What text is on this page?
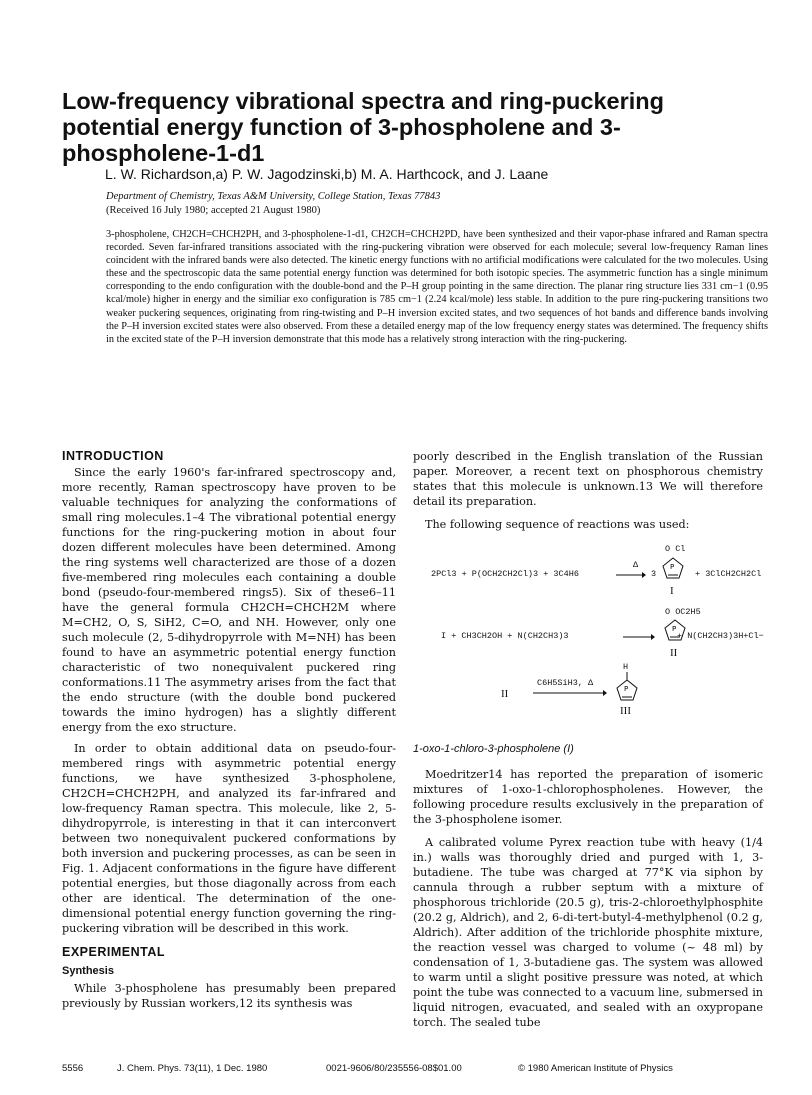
Low-frequency vibrational spectra and ring-puckering potential energy function of 3-phospholene and 3-phospholene-1-d1

L. W. Richardson,a) P. W. Jagodzinski,b) M. A. Harthcock, and J. Laane

Department of Chemistry, Texas A&M University, College Station, Texas 77843

(Received 16 July 1980; accepted 21 August 1980)

3-phospholene, CH2CH=CHCH2PH, and 3-phospholene-1-d1, CH2CH=CHCH2PD, have been synthesized and their vapor-phase infrared and Raman spectra recorded. Seven far-infrared transitions associated with the ring-puckering vibration were observed for each molecule; several low-frequency Raman lines coincident with the infrared bands were also detected. The kinetic energy functions with no artificial modifications were calculated for the two molecules. Using these and the spectroscopic data the same potential energy function was determined for both isotopic species. The asymmetric function has a single minimum corresponding to the endo configuration with the double-bond and the P–H group pointing in the same direction. The planar ring structure lies 331 cm−1 (0.95 kcal/mole) higher in energy and the similiar exo configuration is 785 cm−1 (2.24 kcal/mole) less stable. In addition to the pure ring-puckering transitions two weaker puckering sequences, originating from ring-twisting and P–H inversion excited states, and two sequences of hot bands and difference bands involving the P–H inversion excited states were also observed. From these a detailed energy map of the low frequency energy states was determined. The frequency shifts in the excited state of the P–H inversion demonstrate that this mode has a relatively strong interaction with the ring-puckering.

INTRODUCTION

Since the early 1960's far-infrared spectroscopy and, more recently, Raman spectroscopy have proven to be valuable techniques for analyzing the conformations of small ring molecules.1–4 The vibrational potential energy functions for the ring-puckering motion in about four dozen different molecules have been determined. Among the ring systems well characterized are those of a dozen five-membered ring molecules each containing a double bond (pseudo-four-membered rings5). Six of these6–11 have the general formula CH2CH=CHCH2M where M=CH2, O, S, SiH2, C=O, and NH. However, only one such molecule (2, 5-dihydropyrrole with M=NH) has been found to have an asymmetric potential energy function characteristic of two nonequivalent puckered ring conformations.11 The asymmetry arises from the fact that the endo structure (with the double bond puckered towards the imino hydrogen) has a slightly different energy from the exo structure.

In order to obtain additional data on pseudo-four-membered rings with asymmetric potential energy functions, we have synthesized 3-phospholene, CH2CH=CHCH2PH, and analyzed its far-infrared and low-frequency Raman spectra. This molecule, like 2, 5-dihydropyrrole, is interesting in that it can interconvert between two nonequivalent puckered conformations by both inversion and puckering processes, as can be seen in Fig. 1. Adjacent conformations in the figure have different potential energies, but those diagonally across from each other are identical. The determination of the one-dimensional potential energy function governing the ring-puckering vibration will be described in this work.

EXPERIMENTAL

Synthesis

While 3-phospholene has presumably been prepared previously by Russian workers,12 its synthesis was

poorly described in the English translation of the Russian paper. Moreover, a recent text on phosphorous chemistry states that this molecule is unknown.13 We will therefore detail its preparation.

The following sequence of reactions was used:

2PCl3 + P(OCH2CH2Cl)3 + 3C4H6
Δ
3
O Cl
P
+ 3ClCH2CH2Cl
I
I + CH3CH2OH + N(CH2CH3)3
O OC2H5
P
+ N(CH2CH3)3H+Cl−
II
II
C6H5SiH3, Δ
H
P
III

1-oxo-1-chloro-3-phospholene (I)

Moedritzer14 has reported the preparation of isomeric mixtures of 1-oxo-1-chlorophospholenes. However, the following procedure results exclusively in the preparation of the 3-phospholene isomer.

A calibrated volume Pyrex reaction tube with heavy (1/4 in.) walls was thoroughly dried and purged with 1, 3-butadiene. The tube was charged at 77°K via siphon by cannula through a rubber septum with a mixture of phosphorous trichloride (20.5 g), tris-2-chloroethylphosphite (20.2 g, Aldrich), and 2, 6-di-tert-butyl-4-methylphenol (0.2 g, Aldrich). After addition of the trichloride phosphite mixture, the reaction vessel was charged to volume (~ 48 ml) by condensation of 1, 3-butadiene gas. The system was allowed to warm until a slight positive pressure was noted, at which point the tube was connected to a vacuum line, submersed in liquid nitrogen, evacuated, and sealed with an oxypropane torch. The sealed tube

5556	J. Chem. Phys. 73(11), 1 Dec. 1980	0021-9606/80/235556-08$01.00	© 1980 American Institute of Physics
